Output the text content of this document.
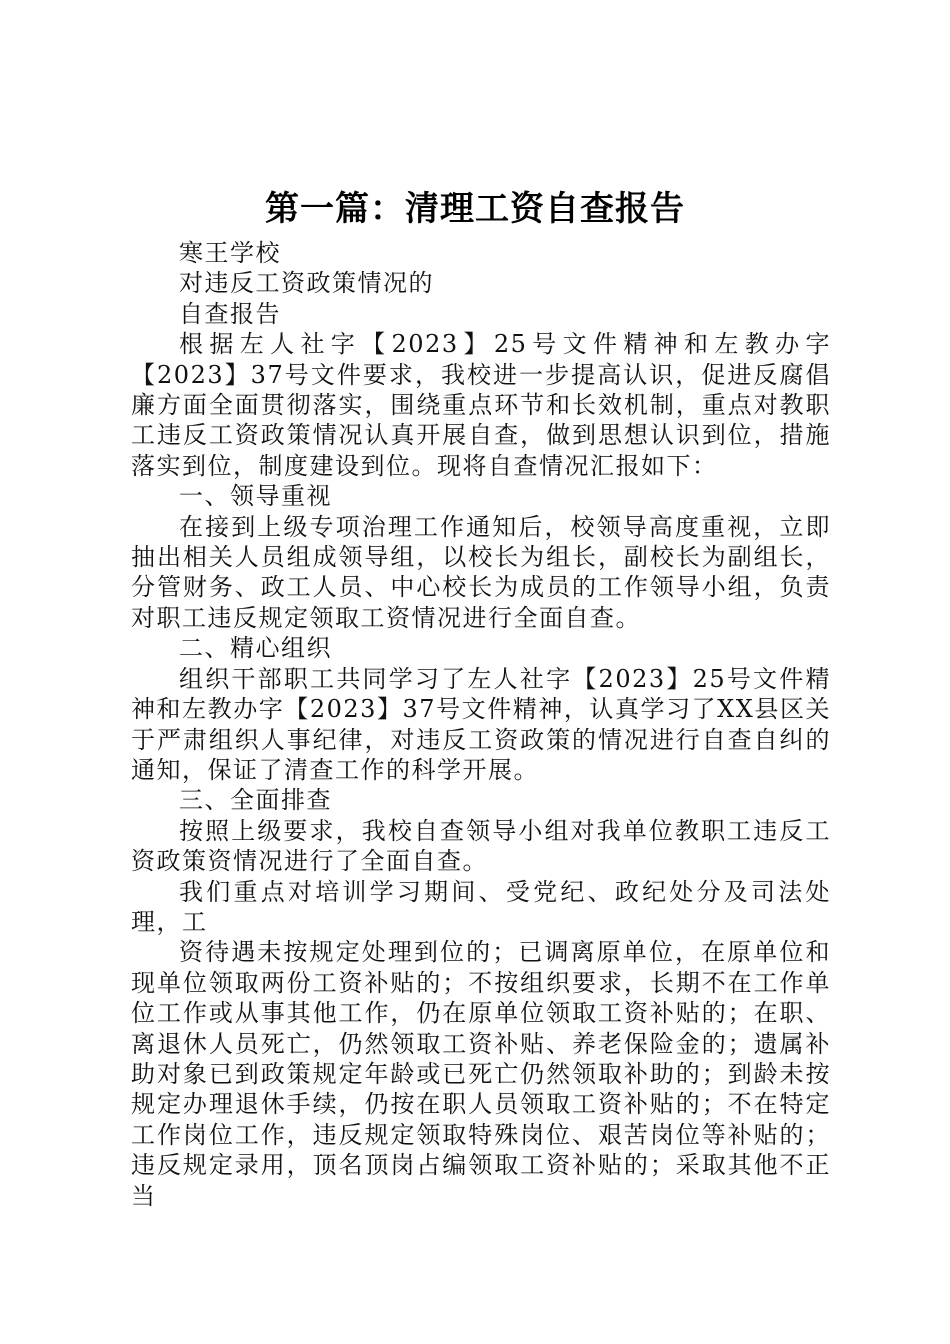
第一篇：清理工资自查报告

寒王学校

对违反工资政策情况的

自查报告

根据左人社字【2023】25号文件精神和左教办字【2023】37号文件要求，我校进一步提高认识，促进反腐倡廉方面全面贯彻落实，围绕重点环节和长效机制，重点对教职工违反工资政策情况认真开展自查，做到思想认识到位，措施落实到位，制度建设到位。现将自查情况汇报如下：

一、领导重视

在接到上级专项治理工作通知后，校领导高度重视，立即抽出相关人员组成领导组，以校长为组长，副校长为副组长，分管财务、政工人员、中心校长为成员的工作领导小组，负责对职工违反规定领取工资情况进行全面自查。

二、精心组织

组织干部职工共同学习了左人社字【2023】25号文件精神和左教办字【2023】37号文件精神，认真学习了XX县区关于严肃组织人事纪律，对违反工资政策的情况进行自查自纠的通知，保证了清查工作的科学开展。

三、全面排查

按照上级要求，我校自查领导小组对我单位教职工违反工资政策资情况进行了全面自查。

我们重点对培训学习期间、受党纪、政纪处分及司法处理，工

资待遇未按规定处理到位的；已调离原单位，在原单位和现单位领取两份工资补贴的；不按组织要求，长期不在工作单位工作或从事其他工作，仍在原单位领取工资补贴的；在职、离退休人员死亡，仍然领取工资补贴、养老保险金的；遗属补助对象已到政策规定年龄或已死亡仍然领取补助的；到龄未按规定办理退休手续，仍按在职人员领取工资补贴的；不在特定工作岗位工作，违反规定领取特殊岗位、艰苦岗位等补贴的；违反规定录用，顶名顶岗占编领取工资补贴的；采取其他不正当
